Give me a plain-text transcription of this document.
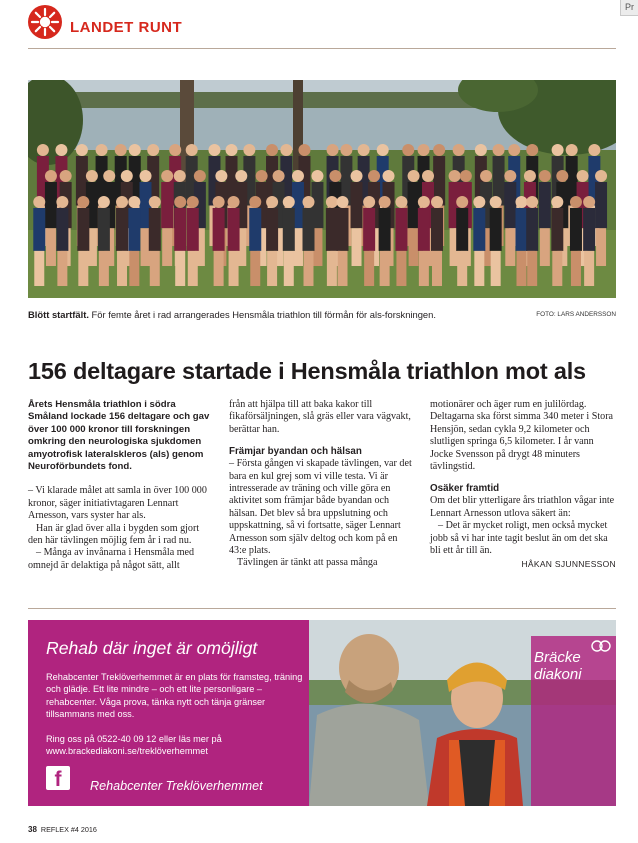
Pr
LANDET RUNT
Blött startfält. För femte året i rad arrangerades Hensmåla triathlon till förmån för als-forskningen.	FOTO: LARS ANDERSSON
156 deltagare startade i Hensmåla triathlon mot als

Årets Hensmåla triathlon i södra Småland lockade 156 deltagare och gav över 100 000 kronor till forskningen omkring den neurologiska sjukdomen amyotrofisk lateralskleros (als) genom Neuroförbundets fond.

– Vi klarade målet att samla in över 100 000 kronor, säger initiativtagaren Lennart Arnesson, vars syster har als.

Han är glad över alla i bygden som gjort den här tävlingen möjlig fem år i rad nu.

– Många av invånarna i Hensmåla med omnejd är delaktiga på något sätt, allt

från att hjälpa till att baka kakor till fikaförsäljningen, slå gräs eller vara vägvakt, berättar han.

Främjar byandan och hälsan

– Första gången vi skapade tävlingen, var det bara en kul grej som vi ville testa. Vi är intresserade av träning och ville göra en aktivitet som främjar både byandan och hälsan. Det blev så bra uppslutning och uppskattning, så vi fortsatte, säger Lennart Arnesson som själv deltog och kom på en 43:e plats.

Tävlingen är tänkt att passa många

motionärer och äger rum en julilördag. Deltagarna ska först simma 340 meter i Stora Hensjön, sedan cykla 9,2 kilometer och slutligen springa 6,5 kilometer. I år vann Jocke Svensson på drygt 48 minuters tävlingstid.

Osäker framtid

Om det blir ytterligare års triathlon vågar inte Lennart Arnesson utlova säkert än:

– Det är mycket roligt, men också mycket jobb så vi har inte tagit beslut än om det ska bli ett år till än.

HÅKAN SJUNNESSON

Rehab där inget är omöjligt
Rehabcenter Treklöverhemmet är en plats för framsteg, träning och glädje. Ett lite mindre – och ett lite personligare – rehabcenter. Våga prova, tänka nytt och tänja gränser tillsammans med oss.
Ring oss på 0522-40 09 12 eller läs mer på
www.brackediakoni.se/treklöverhemmet
f	Rehabcenter Treklöverhemmet
Bräcke
diakoni
38 REFLEX #4 2016
